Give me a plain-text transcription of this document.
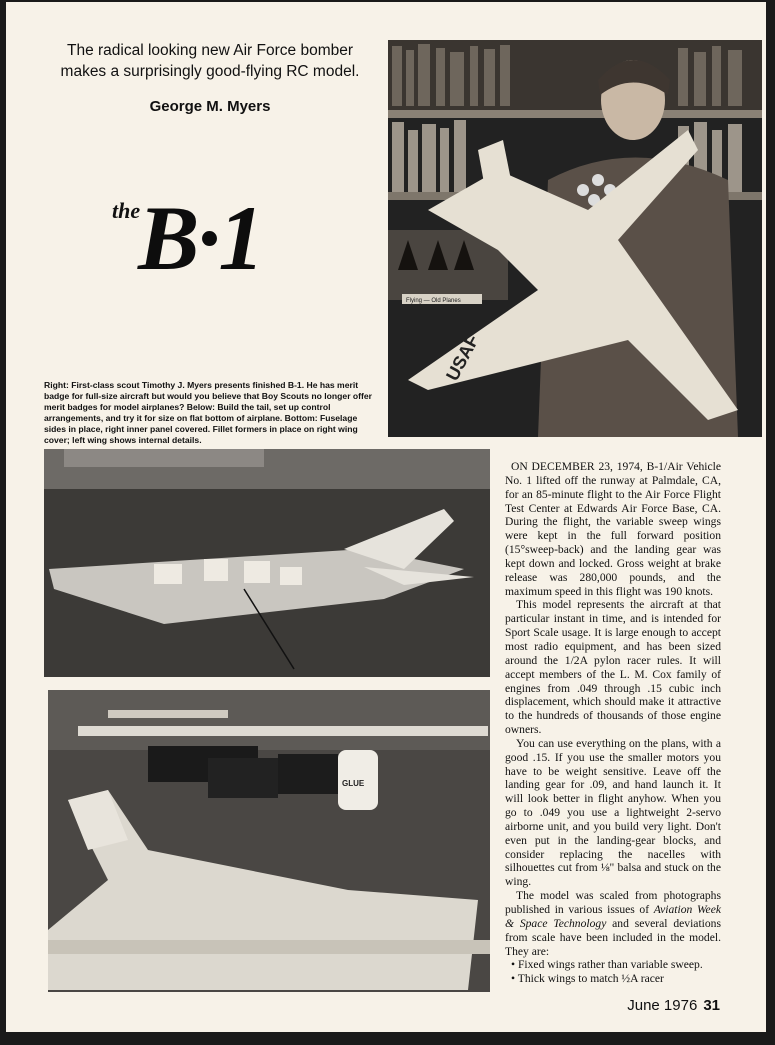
The radical looking new Air Force bomber
makes a surprisingly good-flying RC model.
George M. Myers
the
B·1
Right: First-class scout Timothy J. Myers presents finished B-1. He has merit badge for full-size aircraft but would you believe that Boy Scouts no longer offer merit badges for model airplanes? Below: Build the tail, set up control arrangements, and try it for size on flat bottom of airplane. Bottom: Fuselage sides in place, right inner panel covered. Fillet formers in place on right wing cover; left wing shows internal details.
Flying — Old Planes
USAF
GLUE

ON DECEMBER 23, 1974, B-1/Air Vehicle No. 1 lifted off the runway at Palmdale, CA, for an 85-minute flight to the Air Force Flight Test Center at Edwards Air Force Base, CA. During the flight, the variable sweep wings were kept in the full forward position (15°sweep-back) and the landing gear was kept down and locked. Gross weight at brake release was 280,000 pounds, and the maximum speed in this flight was 190 knots.

This model represents the aircraft at that particular instant in time, and is intended for Sport Scale usage. It is large enough to accept most radio equipment, and has been sized around the 1/2A pylon racer rules. It will accept members of the L. M. Cox family of engines from .049 through .15 cubic inch displacement, which should make it attractive to the hundreds of thousands of those engine owners.

You can use everything on the plans, with a good .15. If you use the smaller motors you have to be weight sensitive. Leave off the landing gear for .09, and hand launch it. It will look better in flight anyhow. When you go to .049 you use a lightweight 2-servo airborne unit, and you build very light. Don't even put in the landing-gear blocks, and consider replacing the nacelles with silhouettes cut from ⅛" balsa and stuck on the wing.

The model was scaled from photographs published in various issues of Aviation Week & Space Technology and several deviations from scale have been included in the model. They are:

• Fixed wings rather than variable sweep.
• Thick wings to match ½A racer
June 1976 31
